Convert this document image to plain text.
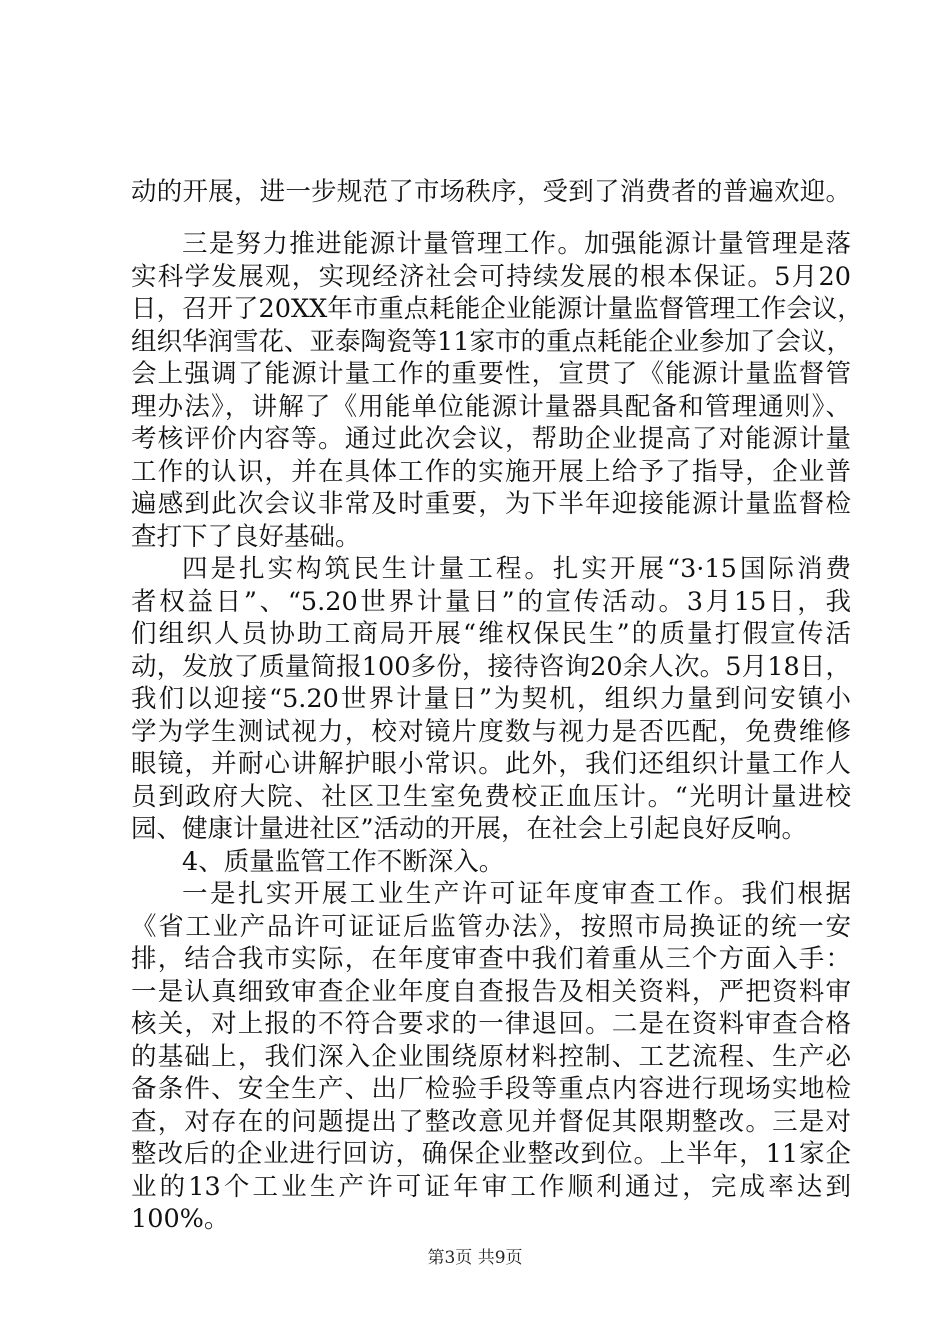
动的开展，进一步规范了市场秩序，受到了消费者的普遍欢迎。
三是努力推进能源计量管理工作。加强能源计量管理是落
实科学发展观，实现经济社会可持续发展的根本保证。5月20
日，召开了20XX年市重点耗能企业能源计量监督管理工作会议，
组织华润雪花、亚泰陶瓷等11家市的重点耗能企业参加了会议，
会上强调了能源计量工作的重要性，宣贯了《能源计量监督管
理办法》，讲解了《用能单位能源计量器具配备和管理通则》、
考核评价内容等。通过此次会议，帮助企业提高了对能源计量
工作的认识，并在具体工作的实施开展上给予了指导，企业普
遍感到此次会议非常及时重要，为下半年迎接能源计量监督检
查打下了良好基础。
四是扎实构筑民生计量工程。扎实开展“3·15国际消费
者权益日”、“5.20世界计量日”的宣传活动。3月15日，我
们组织人员协助工商局开展“维权保民生”的质量打假宣传活
动，发放了质量简报100多份，接待咨询20余人次。5月18日，
我们以迎接“5.20世界计量日”为契机，组织力量到问安镇小
学为学生测试视力，校对镜片度数与视力是否匹配，免费维修
眼镜，并耐心讲解护眼小常识。此外，我们还组织计量工作人
员到政府大院、社区卫生室免费校正血压计。“光明计量进校
园、健康计量进社区”活动的开展，在社会上引起良好反响。
4、质量监管工作不断深入。
一是扎实开展工业生产许可证年度审查工作。我们根据
《省工业产品许可证证后监管办法》，按照市局换证的统一安
排，结合我市实际，在年度审查中我们着重从三个方面入手：
一是认真细致审查企业年度自查报告及相关资料，严把资料审
核关，对上报的不符合要求的一律退回。二是在资料审查合格
的基础上，我们深入企业围绕原材料控制、工艺流程、生产必
备条件、安全生产、出厂检验手段等重点内容进行现场实地检
查，对存在的问题提出了整改意见并督促其限期整改。三是对
整改后的企业进行回访，确保企业整改到位。上半年，11家企
业的13个工业生产许可证年审工作顺利通过，完成率达到
100%。
第3页 共9页
